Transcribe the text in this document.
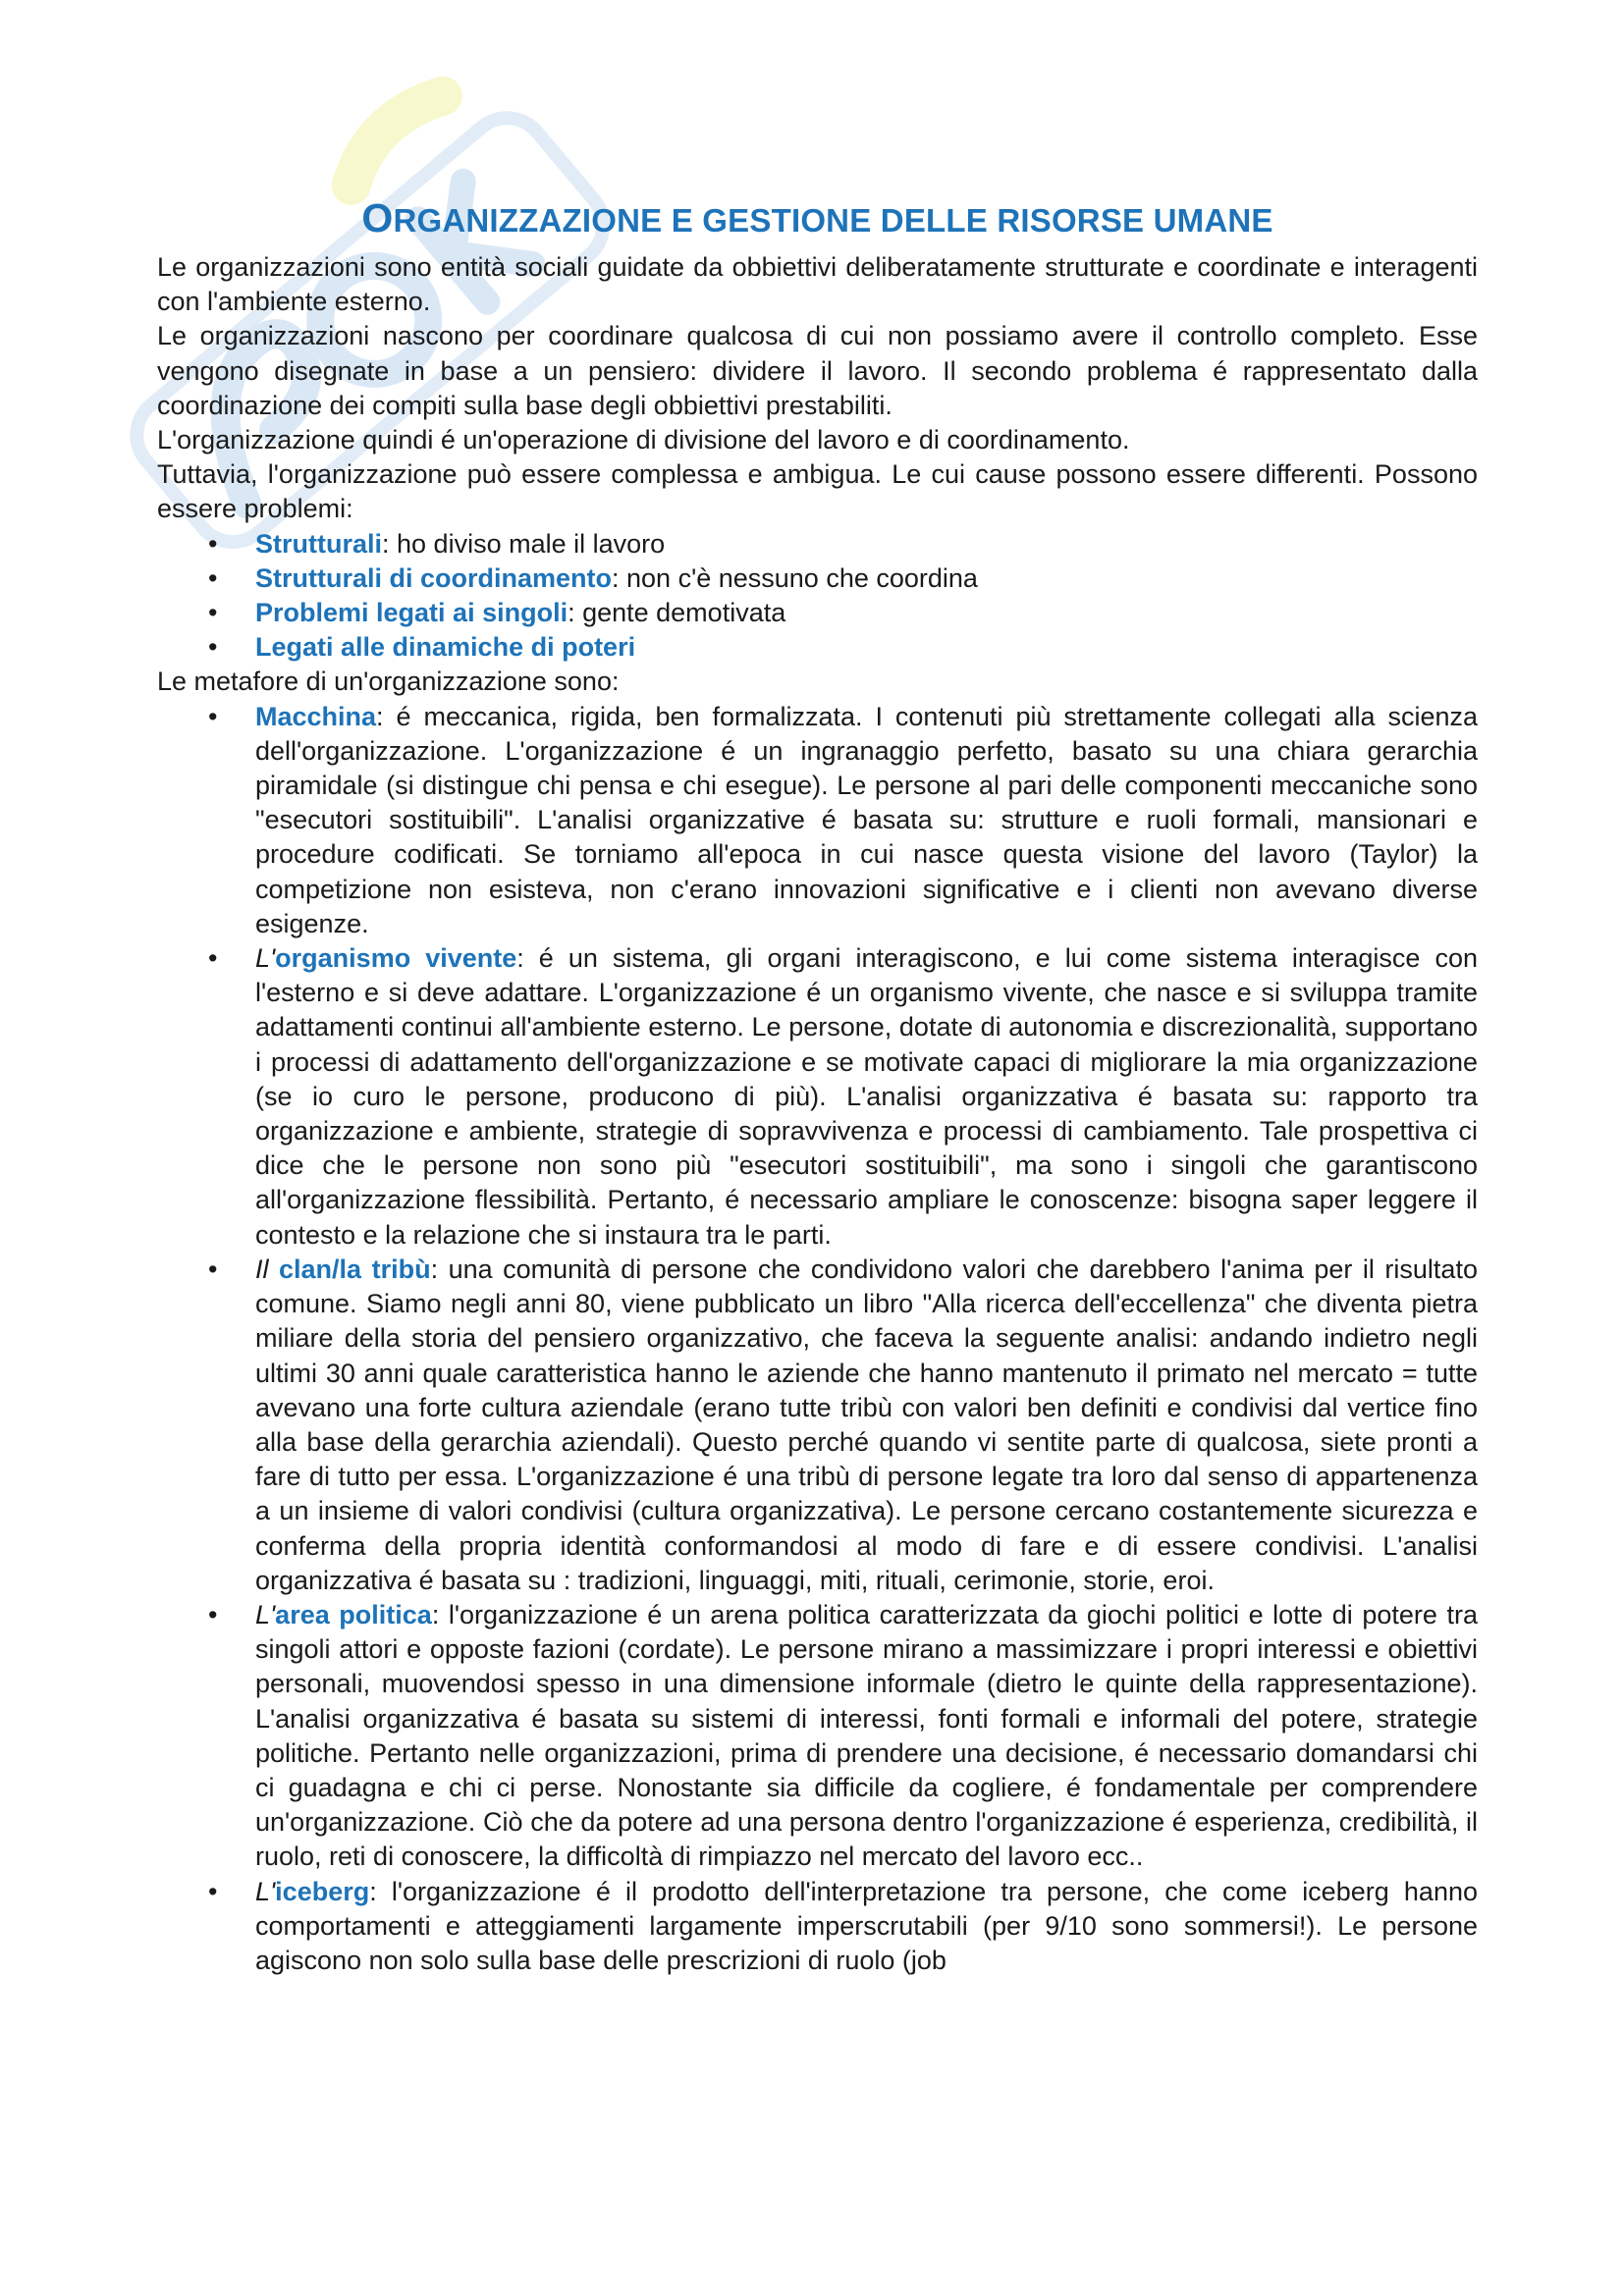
ORGANIZZAZIONE E GESTIONE DELLE RISORSE UMANE

Le organizzazioni sono entità sociali guidate da obbiettivi deliberatamente strutturate e coordinate e interagenti con l'ambiente esterno.

Le organizzazioni nascono per coordinare qualcosa di cui non possiamo avere il controllo completo. Esse vengono disegnate in base a un pensiero: dividere il lavoro. Il secondo problema é rappresentato dalla coordinazione dei compiti sulla base degli obbiettivi prestabiliti.

L'organizzazione quindi é un'operazione di divisione del lavoro e di coordinamento.

Tuttavia, l'organizzazione può essere complessa e ambigua. Le cui cause possono essere differenti. Possono essere problemi:

• Strutturali: ho diviso male il lavoro
• Strutturali di coordinamento: non c'è nessuno che coordina
• Problemi legati ai singoli: gente demotivata
• Legati alle dinamiche di poteri

Le metafore di un'organizzazione sono:

• Macchina: é meccanica, rigida, ben formalizzata. I contenuti più strettamente collegati alla scienza dell'organizzazione. L'organizzazione é un ingranaggio perfetto, basato su una chiara gerarchia piramidale (si distingue chi pensa e chi esegue). Le persone al pari delle componenti meccaniche sono "esecutori sostituibili". L'analisi organizzative é basata su: strutture e ruoli formali, mansionari e procedure codificati. Se torniamo all'epoca in cui nasce questa visione del lavoro (Taylor) la competizione non esisteva, non c'erano innovazioni significative e i clienti non avevano diverse esigenze.
• L'organismo vivente: é un sistema, gli organi interagiscono, e lui come sistema interagisce con l'esterno e si deve adattare. L'organizzazione é un organismo vivente, che nasce e si sviluppa tramite adattamenti continui all'ambiente esterno. Le persone, dotate di autonomia e discrezionalità, supportano i processi di adattamento dell'organizzazione e se motivate capaci di migliorare la mia organizzazione (se io curo le persone, producono di più). L'analisi organizzativa é basata su: rapporto tra organizzazione e ambiente, strategie di sopravvivenza e processi di cambiamento. Tale prospettiva ci dice che le persone non sono più "esecutori sostituibili", ma sono i singoli che garantiscono all'organizzazione flessibilità. Pertanto, é necessario ampliare le conoscenze: bisogna saper leggere il contesto e la relazione che si instaura tra le parti.
• Il clan/la tribù: una comunità di persone che condividono valori che darebbero l'anima per il risultato comune. Siamo negli anni 80, viene pubblicato un libro "Alla ricerca dell'eccellenza" che diventa pietra miliare della storia del pensiero organizzativo, che faceva la seguente analisi: andando indietro negli ultimi 30 anni quale caratteristica hanno le aziende che hanno mantenuto il primato nel mercato = tutte avevano una forte cultura aziendale (erano tutte tribù con valori ben definiti e condivisi dal vertice fino alla base della gerarchia aziendali). Questo perché quando vi sentite parte di qualcosa, siete pronti a fare di tutto per essa. L'organizzazione é una tribù di persone legate tra loro dal senso di appartenenza a un insieme di valori condivisi (cultura organizzativa). Le persone cercano costantemente sicurezza e conferma della propria identità conformandosi al modo di fare e di essere condivisi. L'analisi organizzativa é basata su : tradizioni, linguaggi, miti, rituali, cerimonie, storie, eroi.
• L'area politica: l'organizzazione é un arena politica caratterizzata da giochi politici e lotte di potere tra singoli attori e opposte fazioni (cordate). Le persone mirano a massimizzare i propri interessi e obiettivi personali, muovendosi spesso in una dimensione informale (dietro le quinte della rappresentazione). L'analisi organizzativa é basata su sistemi di interessi, fonti formali e informali del potere, strategie politiche. Pertanto nelle organizzazioni, prima di prendere una decisione, é necessario domandarsi chi ci guadagna e chi ci perse. Nonostante sia difficile da cogliere, é fondamentale per comprendere un'organizzazione. Ciò che da potere ad una persona dentro l'organizzazione é esperienza, credibilità, il ruolo, reti di conoscere, la difficoltà di rimpiazzo nel mercato del lavoro ecc..
• L'iceberg: l'organizzazione é il prodotto dell'interpretazione tra persone, che come iceberg hanno comportamenti e atteggiamenti largamente imperscrutabili (per 9/10 sono sommersi!). Le persone agiscono non solo sulla base delle prescrizioni di ruolo (job
